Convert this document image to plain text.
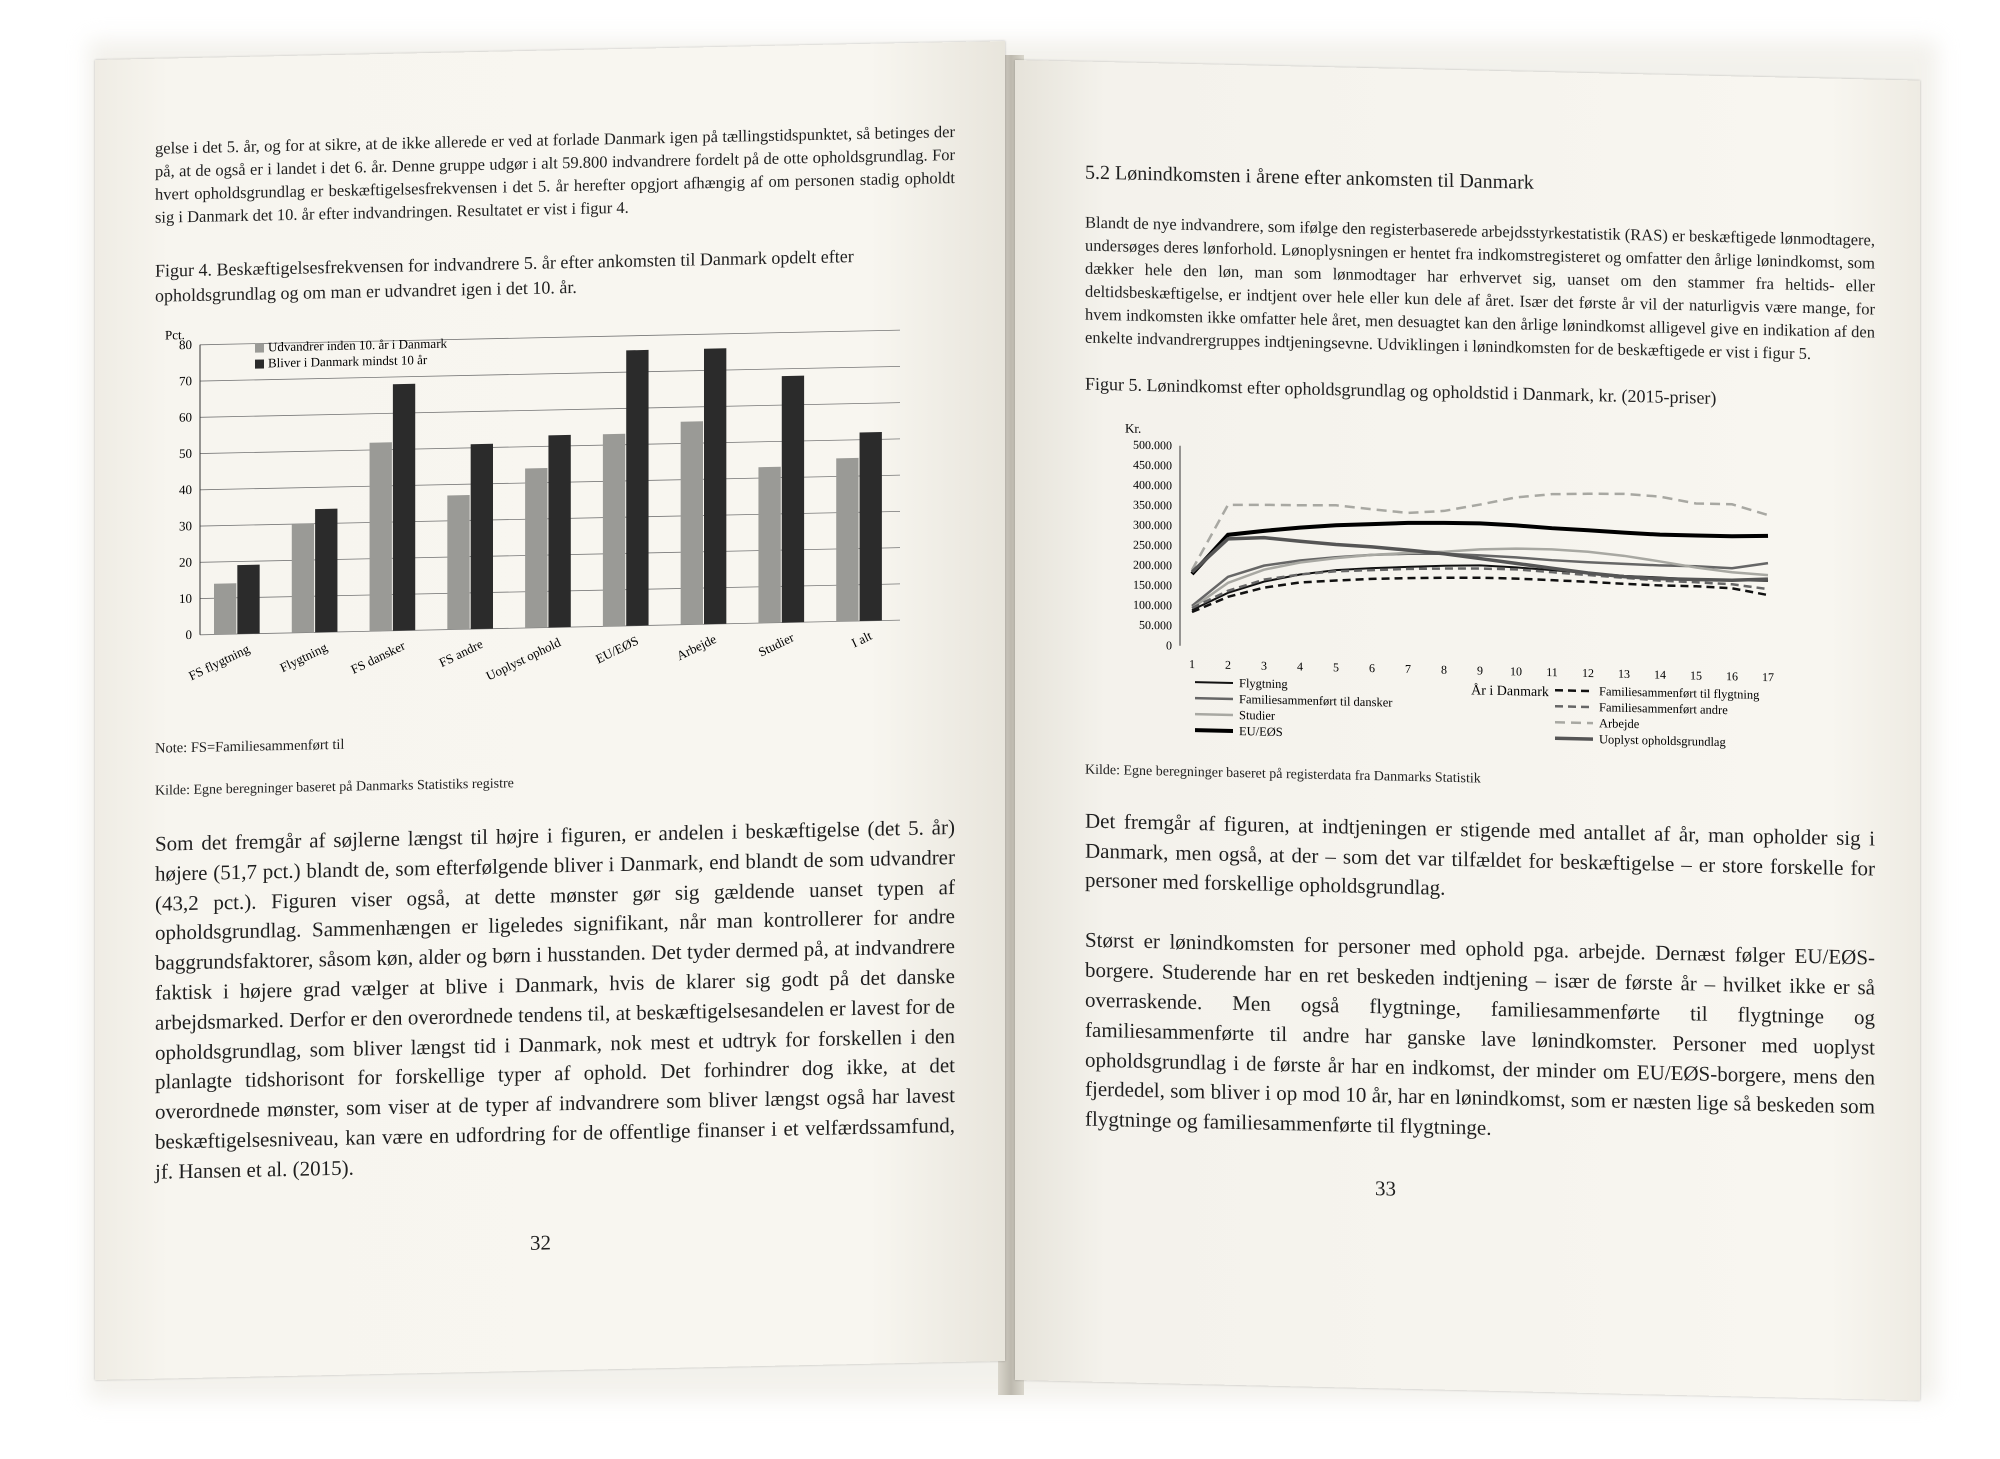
gelse i det 5. år, og for at sikre, at de ikke allerede er ved at forlade Danmark igen på tællingstidspunktet, så betinges der på, at de også er i landet i det 6. år. Denne gruppe udgør i alt 59.800 indvandrere fordelt på de otte opholdsgrundlag. For hvert opholdsgrundlag er beskæftigelsesfrekvensen i det 5. år herefter opgjort afhængig af om personen stadig opholdt sig i Danmark det 10. år efter indvandringen. Resultatet er vist i figur 4.

Figur 4. Beskæftigelsesfrekvensen for indvandrere 5. år efter ankomsten til Danmark opdelt efter opholdsgrundlag og om man er udvandret igen i det 10. år.
Pct.
0
10
20
30
40
50
60
70
80
FS flygtning Flygtning FS dansker FS andre
Uoplyst ophold EU/EØS	Arbejde	Studier	I alt
Udvandrer inden 10. år i Danmark
Bliver i Danmark mindst 10 år
Note: FS=Familiesammenført til
Kilde: Egne beregninger baseret på Danmarks Statistiks registre

Som det fremgår af søjlerne længst til højre i figuren, er andelen i beskæftigelse (det 5. år) højere (51,7 pct.) blandt de, som efterfølgende bliver i Danmark, end blandt de som udvandrer (43,2 pct.). Figuren viser også, at dette mønster gør sig gældende uanset typen af opholdsgrundlag. Sammenhængen er ligeledes signifikant, når man kontrollerer for andre baggrundsfaktorer, såsom køn, alder og børn i husstanden. Det tyder dermed på, at indvandrere faktisk i højere grad vælger at blive i Danmark, hvis de klarer sig godt på det danske arbejdsmarked. Derfor er den overordnede tendens til, at beskæftigelsesandelen er lavest for de opholdsgrundlag, som bliver længst tid i Danmark, nok mest et udtryk for forskellen i den planlagte tidshorisont for forskellige typer af ophold. Det forhindrer dog ikke, at det overordnede mønster, som viser at de typer af indvandrere som bliver længst også har lavest beskæftigelsesniveau, kan være en udfordring for de offentlige finanser i et velfærdssamfund, jf. Hansen et al. (2015).

32
5.2 Lønindkomsten i årene efter ankomsten til Danmark

Blandt de nye indvandrere, som ifølge den registerbaserede arbejdsstyrkestatistik (RAS) er beskæftigede lønmodtagere, undersøges deres lønforhold. Lønoplysningen er hentet fra indkomstregisteret og omfatter den årlige lønindkomst, som dækker hele den løn, man som lønmodtager har erhvervet sig, uanset om den stammer fra heltids- eller deltidsbeskæftigelse, er indtjent over hele eller kun dele af året. Især det første år vil der naturligvis være mange, for hvem indkomsten ikke omfatter hele året, men desuagtet kan den årlige lønindkomst alligevel give en indikation af den enkelte indvandrergruppes indtjeningsevne. Udviklingen i lønindkomsten for de beskæftigede er vist i figur 5.

Figur 5. Lønindkomst efter opholdsgrundlag og opholdstid i Danmark, kr. (2015-priser)
Kr.
0
50.000
100.000
150.000
200.000
250.000
300.000
350.000
400.000
450.000
500.000
1	2	3	4	5	6	7	8	9 10 11 12 13 14 15 16 17
År i Danmark
Flygtning
Familiesammenført til dansker
Studier
EU/EØS
Familiesammenført til flygtning
Familiesammenført andre
Arbejde
Uoplyst opholdsgrundlag
Kilde: Egne beregninger baseret på registerdata fra Danmarks Statistik

Det fremgår af figuren, at indtjeningen er stigende med antallet af år, man opholder sig i Danmark, men også, at der – som det var tilfældet for beskæftigelse – er store forskelle for personer med forskellige opholdsgrundlag.

Størst er lønindkomsten for personer med ophold pga. arbejde. Dernæst følger EU/EØS-borgere. Studerende har en ret beskeden indtjening – især de første år – hvilket ikke er så overraskende. Men også flygtninge, familiesammenførte til flygtninge og familiesammenførte til andre har ganske lave lønindkomster. Personer med uoplyst opholdsgrundlag i de første år har en indkomst, der minder om EU/EØS-borgere, mens den fjerdedel, som bliver i op mod 10 år, har en lønindkomst, som er næsten lige så beskeden som flygtninge og familiesammenførte til flygtninge.

33
